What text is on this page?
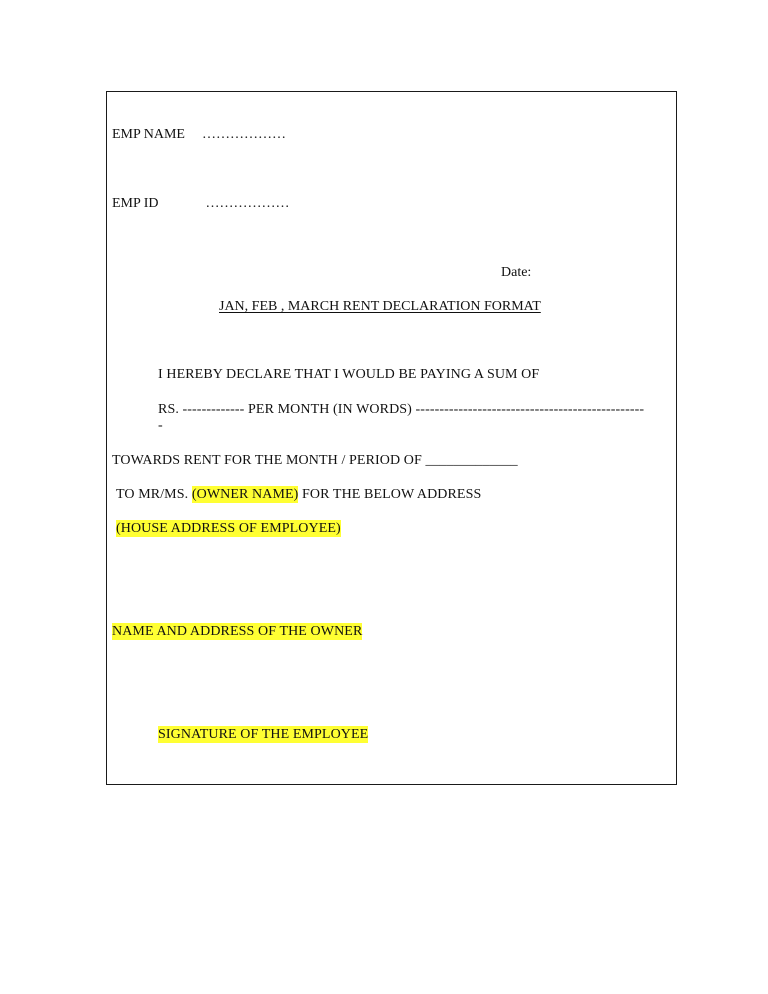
EMP NAME ………………
EMP ID	………………
Date:
JAN, FEB , MARCH RENT DECLARATION FORMAT
I HEREBY DECLARE THAT I WOULD BE PAYING A SUM OF
RS. ------------- PER MONTH (IN WORDS) ------------------------------------------------
-
TOWARDS RENT FOR THE MONTH / PERIOD OF _____________
TO MR/MS. (OWNER NAME) FOR THE BELOW ADDRESS
(HOUSE ADDRESS OF EMPLOYEE)
NAME AND ADDRESS OF THE OWNER
SIGNATURE OF THE EMPLOYEE
